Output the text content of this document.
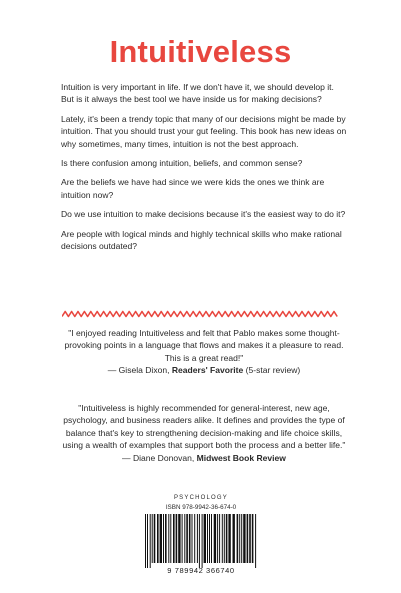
Intuitiveless

Intuition is very important in life. If we don't have it, we should develop it. But is it always the best tool we have inside us for making decisions?

Lately, it's been a trendy topic that many of our decisions might be made by intuition. That you should trust your gut feeling. This book has new ideas on why sometimes, many times, intuition is not the best approach.

Is there confusion among intuition, beliefs, and common sense?

Are the beliefs we have had since we were kids the ones we think are intuition now?

Do we use intuition to make decisions because it's the easiest way to do it?

Are people with logical minds and highly technical skills who make rational decisions outdated?

"I enjoyed reading Intuitiveless and felt that Pablo makes some thought-provoking points in a language that flows and makes it a pleasure to read. This is a great read!"

— Gisela Dixon, Readers' Favorite (5-star review)

"Intuitiveless is highly recommended for general-interest, new age, psychology, and business readers alike. It defines and provides the type of balance that's key to strengthening decision-making and life choice skills, using a wealth of examples that support both the process and a better life."

— Diane Donovan, Midwest Book Review

PSYCHOLOGY
ISBN 978-9942-36-674-0
9 789942 366740
